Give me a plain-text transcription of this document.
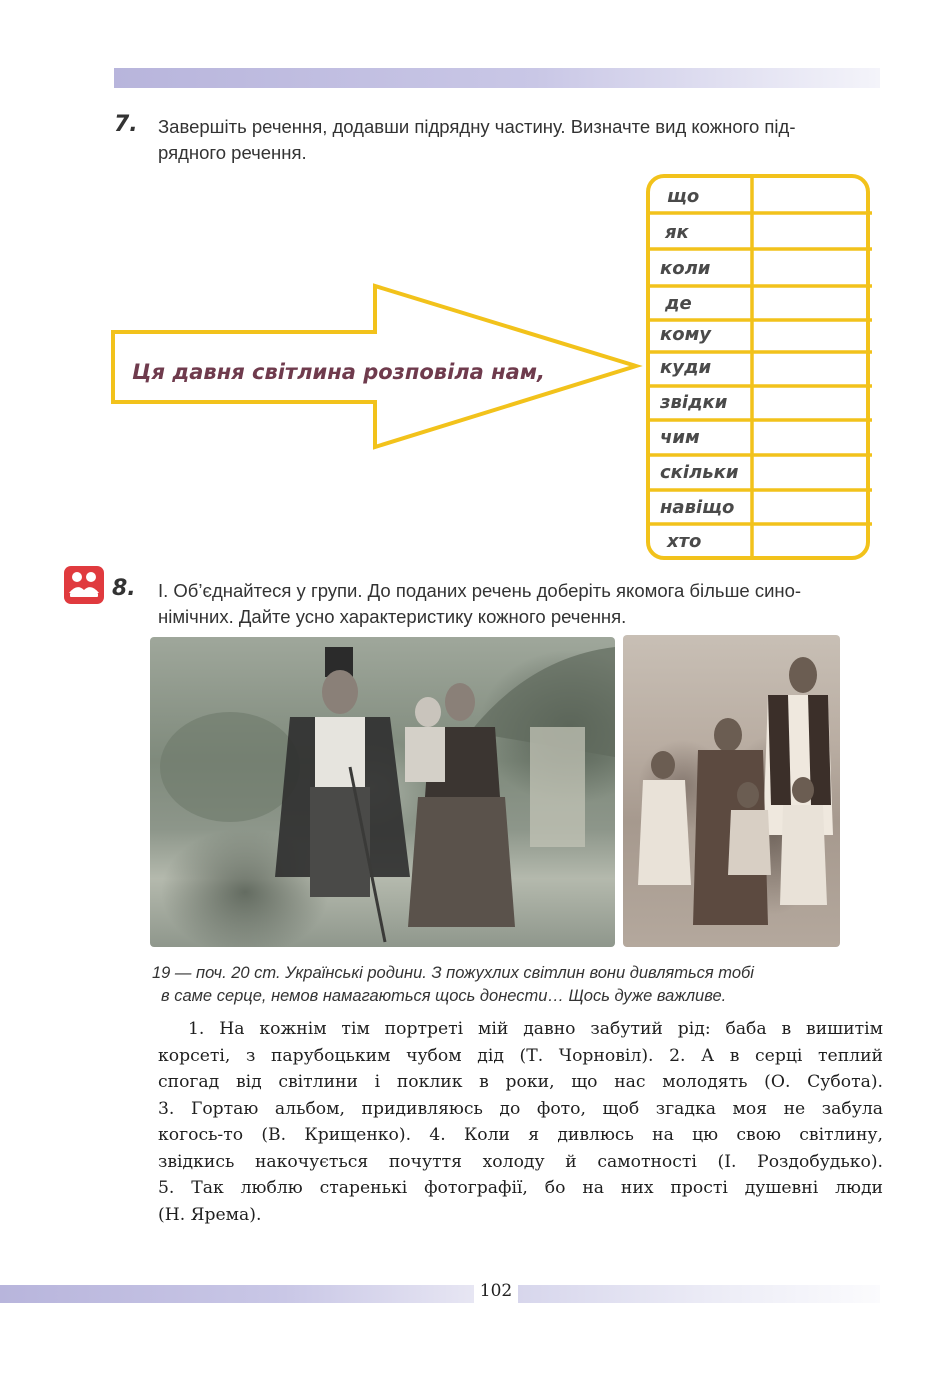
7. Завершіть речення, додавши підрядну частину. Визначте вид кожного під-
рядного речення.
Ця давня світлина розповіла нам,
що
як
коли
де
кому
куди
звідки
чим
скільки
навіщо
хто
8. І. Об’єднайтеся у групи. До поданих речень доберіть якомога більше сино-
німічних. Дайте усно характеристику кожного речення.
19 — поч. 20 ст. Українські родини. З пожухлих світлин вони дивляться тобі
в саме серце, немов намагаються щось донести… Щось дуже важливе.
1. На кожнім тім портреті мій давно забутий рід: баба в вишитім
корсеті, з парубоцьким чубом дід (Т. Чорновіл). 2. А в серці теплий
спогад від світлини і поклик в роки, що нас молодять (О. Субота).
3. Гортаю альбом, придивляюсь до фото, щоб згадка моя не забула
когось-то (В. Крищенко). 4. Коли я дивлюсь на цю свою світлину,
звідкись накочується почуття холоду й самотності (І. Роздобудько).
5. Так люблю старенькі фотографії, бо на них прості душевні люди
(Н. Ярема).
102
